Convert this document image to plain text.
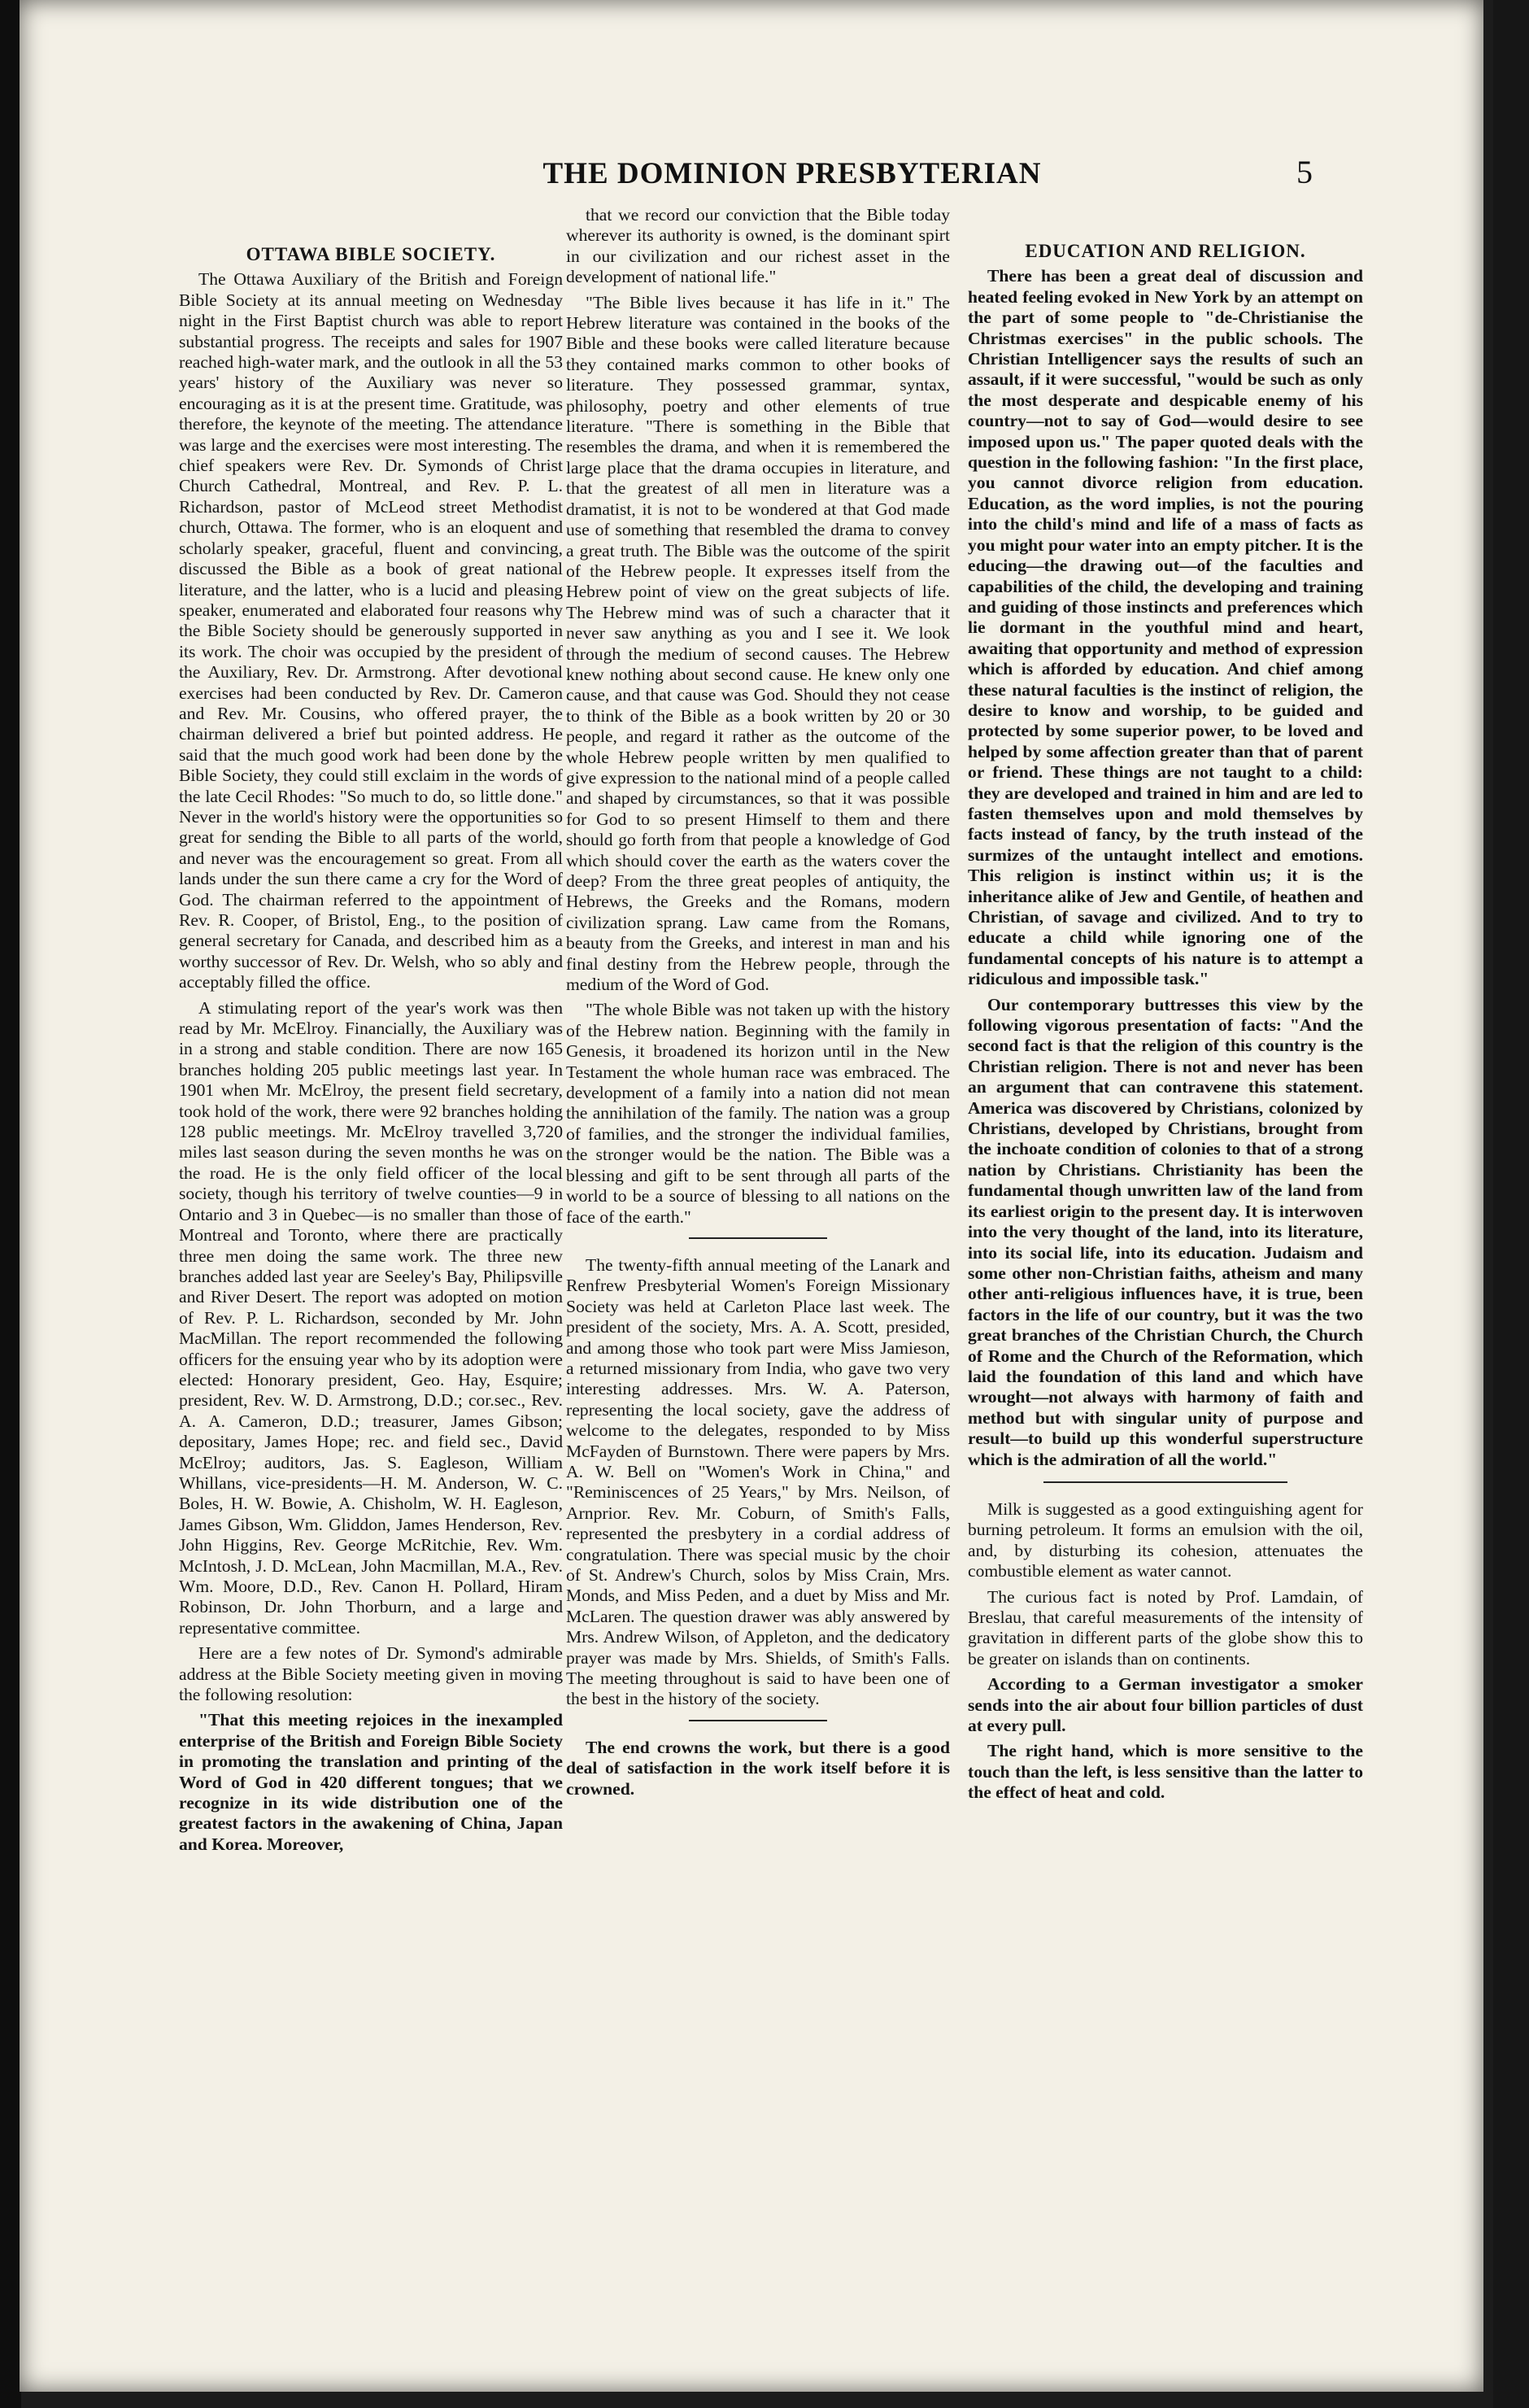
THE DOMINION PRESBYTERIAN	5

OTTAWA BIBLE SOCIETY.

The Ottawa Auxiliary of the British and Foreign Bible Society at its annual meeting on Wednesday night in the First Baptist church was able to report substantial progress. The receipts and sales for 1907 reached high-water mark, and the outlook in all the 53 years' history of the Auxiliary was never so encouraging as it is at the present time. Gratitude, was therefore, the keynote of the meeting. The attendance was large and the exercises were most interesting. The chief speakers were Rev. Dr. Symonds of Christ Church Cathedral, Montreal, and Rev. P. L. Richardson, pastor of McLeod street Methodist church, Ottawa. The former, who is an eloquent and scholarly speaker, graceful, fluent and convincing, discussed the Bible as a book of great national literature, and the latter, who is a lucid and pleasing speaker, enumerated and elaborated four reasons why the Bible Society should be generously supported in its work. The choir was occupied by the president of the Auxiliary, Rev. Dr. Armstrong. After devotional exercises had been conducted by Rev. Dr. Cameron and Rev. Mr. Cousins, who offered prayer, the chairman delivered a brief but pointed address. He said that the much good work had been done by the Bible Society, they could still exclaim in the words of the late Cecil Rhodes: "So much to do, so little done." Never in the world's history were the opportunities so great for sending the Bible to all parts of the world, and never was the encouragement so great. From all lands under the sun there came a cry for the Word of God. The chairman referred to the appointment of Rev. R. Cooper, of Bristol, Eng., to the position of general secretary for Canada, and described him as a worthy successor of Rev. Dr. Welsh, who so ably and acceptably filled the office.

A stimulating report of the year's work was then read by Mr. McElroy. Financially, the Auxiliary was in a strong and stable condition. There are now 165 branches holding 205 public meetings last year. In 1901 when Mr. McElroy, the present field secretary, took hold of the work, there were 92 branches holding 128 public meetings. Mr. McElroy travelled 3,720 miles last season during the seven months he was on the road. He is the only field officer of the local society, though his territory of twelve counties—9 in Ontario and 3 in Quebec—is no smaller than those of Montreal and Toronto, where there are practically three men doing the same work. The three new branches added last year are Seeley's Bay, Philipsville and River Desert. The report was adopted on motion of Rev. P. L. Richardson, seconded by Mr. John MacMillan. The report recommended the following officers for the ensuing year who by its adoption were elected: Honorary president, Geo. Hay, Esquire; president, Rev. W. D. Armstrong, D.D.; cor.sec., Rev. A. A. Cameron, D.D.; treasurer, James Gibson; depositary, James Hope; rec. and field sec., David McElroy; auditors, Jas. S. Eagleson, William Whillans, vice-presidents—H. M. Anderson, W. C. Boles, H. W. Bowie, A. Chisholm, W. H. Eagleson, James Gibson, Wm. Gliddon, James Henderson, Rev. John Higgins, Rev. George McRitchie, Rev. Wm. McIntosh, J. D. McLean, John Macmillan, M.A., Rev. Wm. Moore, D.D., Rev. Canon H. Pollard, Hiram Robinson, Dr. John Thorburn, and a large and representative committee.

Here are a few notes of Dr. Symond's admirable address at the Bible Society meeting given in moving the following resolution:

"That this meeting rejoices in the inexampled enterprise of the British and Foreign Bible Society in promoting the translation and printing of the Word of God in 420 different tongues; that we recognize in its wide distribution one of the greatest factors in the awakening of China, Japan and Korea. Moreover,

that we record our conviction that the Bible today wherever its authority is owned, is the dominant spirt in our civilization and our richest asset in the development of national life."

"The Bible lives because it has life in it." The Hebrew literature was contained in the books of the Bible and these books were called literature because they contained marks common to other books of literature. They possessed grammar, syntax, philosophy, poetry and other elements of true literature. "There is something in the Bible that resembles the drama, and when it is remembered the large place that the drama occupies in literature, and that the greatest of all men in literature was a dramatist, it is not to be wondered at that God made use of something that resembled the drama to convey a great truth. The Bible was the outcome of the spirit of the Hebrew people. It expresses itself from the Hebrew point of view on the great subjects of life. The Hebrew mind was of such a character that it never saw anything as you and I see it. We look through the medium of second causes. The Hebrew knew nothing about second cause. He knew only one cause, and that cause was God. Should they not cease to think of the Bible as a book written by 20 or 30 people, and regard it rather as the outcome of the whole Hebrew people written by men qualified to give expression to the national mind of a people called and shaped by circumstances, so that it was possible for God to so present Himself to them and there should go forth from that people a knowledge of God which should cover the earth as the waters cover the deep? From the three great peoples of antiquity, the Hebrews, the Greeks and the Romans, modern civilization sprang. Law came from the Romans, beauty from the Greeks, and interest in man and his final destiny from the Hebrew people, through the medium of the Word of God.

"The whole Bible was not taken up with the history of the Hebrew nation. Beginning with the family in Genesis, it broadened its horizon until in the New Testament the whole human race was embraced. The development of a family into a nation did not mean the annihilation of the family. The nation was a group of families, and the stronger the individual families, the stronger would be the nation. The Bible was a blessing and gift to be sent through all parts of the world to be a source of blessing to all nations on the face of the earth."

The twenty-fifth annual meeting of the Lanark and Renfrew Presbyterial Women's Foreign Missionary Society was held at Carleton Place last week. The president of the society, Mrs. A. A. Scott, presided, and among those who took part were Miss Jamieson, a returned missionary from India, who gave two very interesting addresses. Mrs. W. A. Paterson, representing the local society, gave the address of welcome to the delegates, responded to by Miss McFayden of Burnstown. There were papers by Mrs. A. W. Bell on "Women's Work in China," and "Reminiscences of 25 Years," by Mrs. Neilson, of Arnprior. Rev. Mr. Coburn, of Smith's Falls, represented the presbytery in a cordial address of congratulation. There was special music by the choir of St. Andrew's Church, solos by Miss Crain, Mrs. Monds, and Miss Peden, and a duet by Miss and Mr. McLaren. The question drawer was ably answered by Mrs. Andrew Wilson, of Appleton, and the dedicatory prayer was made by Mrs. Shields, of Smith's Falls. The meeting throughout is said to have been one of the best in the history of the society.

The end crowns the work, but there is a good deal of satisfaction in the work itself before it is crowned.

EDUCATION AND RELIGION.

There has been a great deal of discussion and heated feeling evoked in New York by an attempt on the part of some people to "de-Christianise the Christmas exercises" in the public schools. The Christian Intelligencer says the results of such an assault, if it were successful, "would be such as only the most desperate and despicable enemy of his country—not to say of God—would desire to see imposed upon us." The paper quoted deals with the question in the following fashion: "In the first place, you cannot divorce religion from education. Education, as the word implies, is not the pouring into the child's mind and life of a mass of facts as you might pour water into an empty pitcher. It is the educing—the drawing out—of the faculties and capabilities of the child, the developing and training and guiding of those instincts and preferences which lie dormant in the youthful mind and heart, awaiting that opportunity and method of expression which is afforded by education. And chief among these natural faculties is the instinct of religion, the desire to know and worship, to be guided and protected by some superior power, to be loved and helped by some affection greater than that of parent or friend. These things are not taught to a child: they are developed and trained in him and are led to fasten themselves upon and mold themselves by facts instead of fancy, by the truth instead of the surmizes of the untaught intellect and emotions. This religion is instinct within us; it is the inheritance alike of Jew and Gentile, of heathen and Christian, of savage and civilized. And to try to educate a child while ignoring one of the fundamental concepts of his nature is to attempt a ridiculous and impossible task."

Our contemporary buttresses this view by the following vigorous presentation of facts: "And the second fact is that the religion of this country is the Christian religion. There is not and never has been an argument that can contravene this statement. America was discovered by Christians, colonized by Christians, developed by Christians, brought from the inchoate condition of colonies to that of a strong nation by Christians. Christianity has been the fundamental though unwritten law of the land from its earliest origin to the present day. It is interwoven into the very thought of the land, into its literature, into its social life, into its education. Judaism and some other non-Christian faiths, atheism and many other anti-religious influences have, it is true, been factors in the life of our country, but it was the two great branches of the Christian Church, the Church of Rome and the Church of the Reformation, which laid the foundation of this land and which have wrought—not always with harmony of faith and method but with singular unity of purpose and result—to build up this wonderful superstructure which is the admiration of all the world."

Milk is suggested as a good extinguishing agent for burning petroleum. It forms an emulsion with the oil, and, by disturbing its cohesion, attenuates the combustible element as water cannot.

The curious fact is noted by Prof. Lamdain, of Breslau, that careful measurements of the intensity of gravitation in different parts of the globe show this to be greater on islands than on continents.

According to a German investigator a smoker sends into the air about four billion particles of dust at every pull.

The right hand, which is more sensitive to the touch than the left, is less sensitive than the latter to the effect of heat and cold.
